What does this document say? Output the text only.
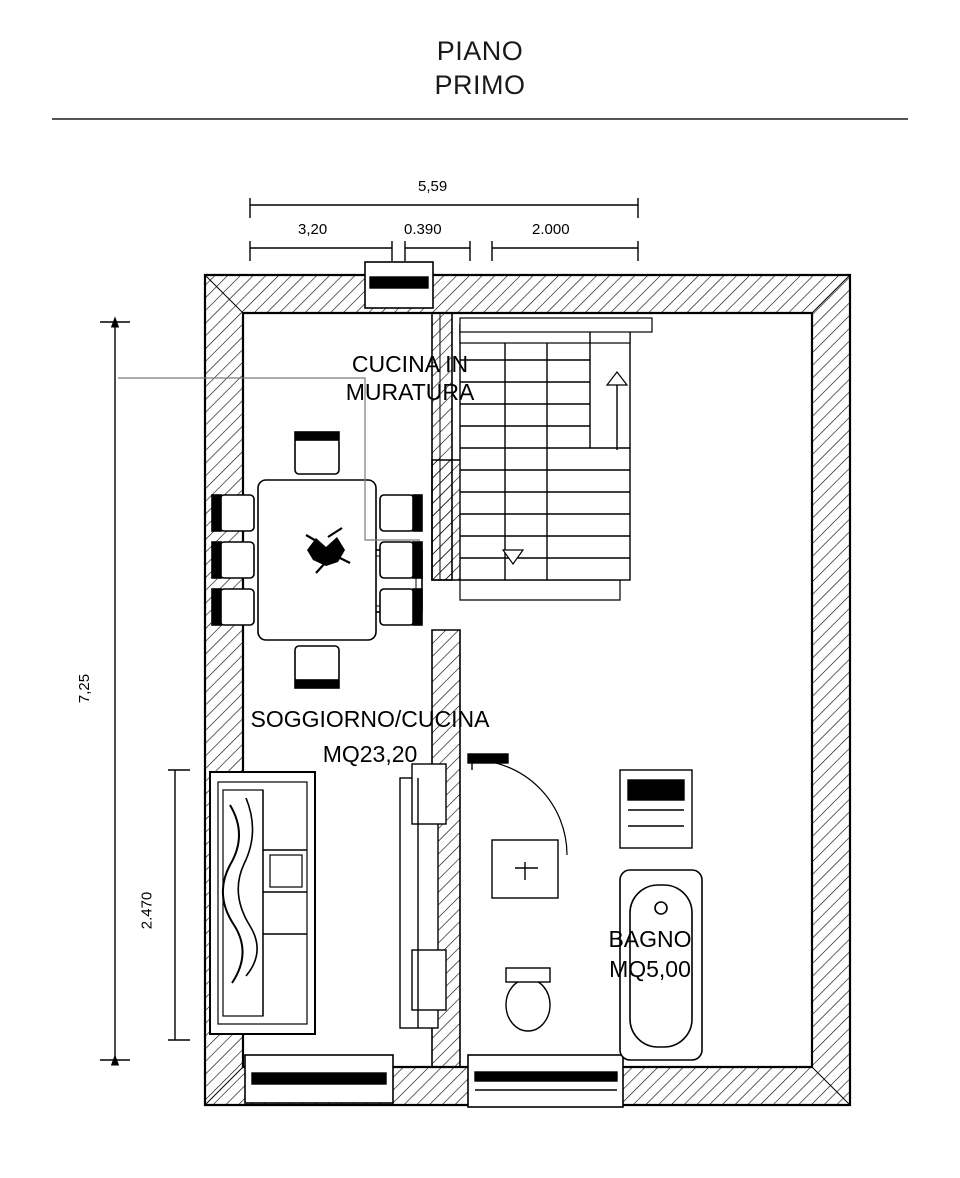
PIANO
PRIMO
CUCINA IN
MURATURA
SOGGIORNO/CUCINA
MQ23,20
BAGNO
MQ5,00
5,59
3,20	0.390	2.000
7,25
2.470
